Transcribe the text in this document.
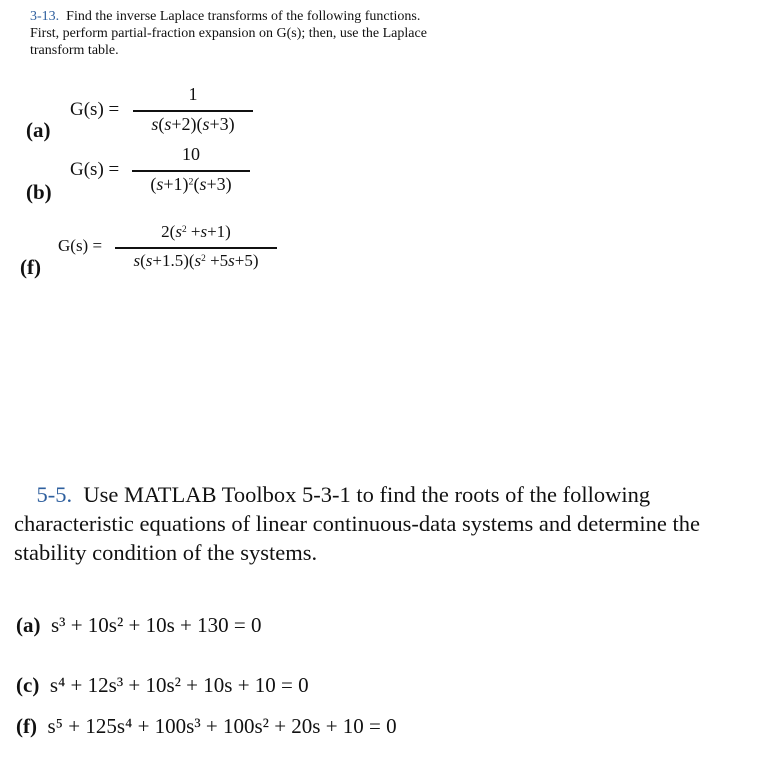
3-13. Find the inverse Laplace transforms of the following functions.
First, perform partial-fraction expansion on G(s); then, use the Laplace
transform table.
(a)
G(s) =
1
s(s+2)(s+3)
(b)
G(s) =
10
$(s+1)^2(s+3)$
(f)
G(s) =
$2(s^2 +s+1)$
$s(s+1.5)(s^2 +5s+5)$
5-5. Use MATLAB Toolbox 5-3-1 to find the roots of the following
characteristic equations of linear continuous-data systems and determine the
stability condition of the systems.
(a) s³ + 10s² + 10s + 130 = 0
(c) s⁴ + 12s³ + 10s² + 10s + 10 = 0
(f) s⁵ + 125s⁴ + 100s³ + 100s² + 20s + 10 = 0
